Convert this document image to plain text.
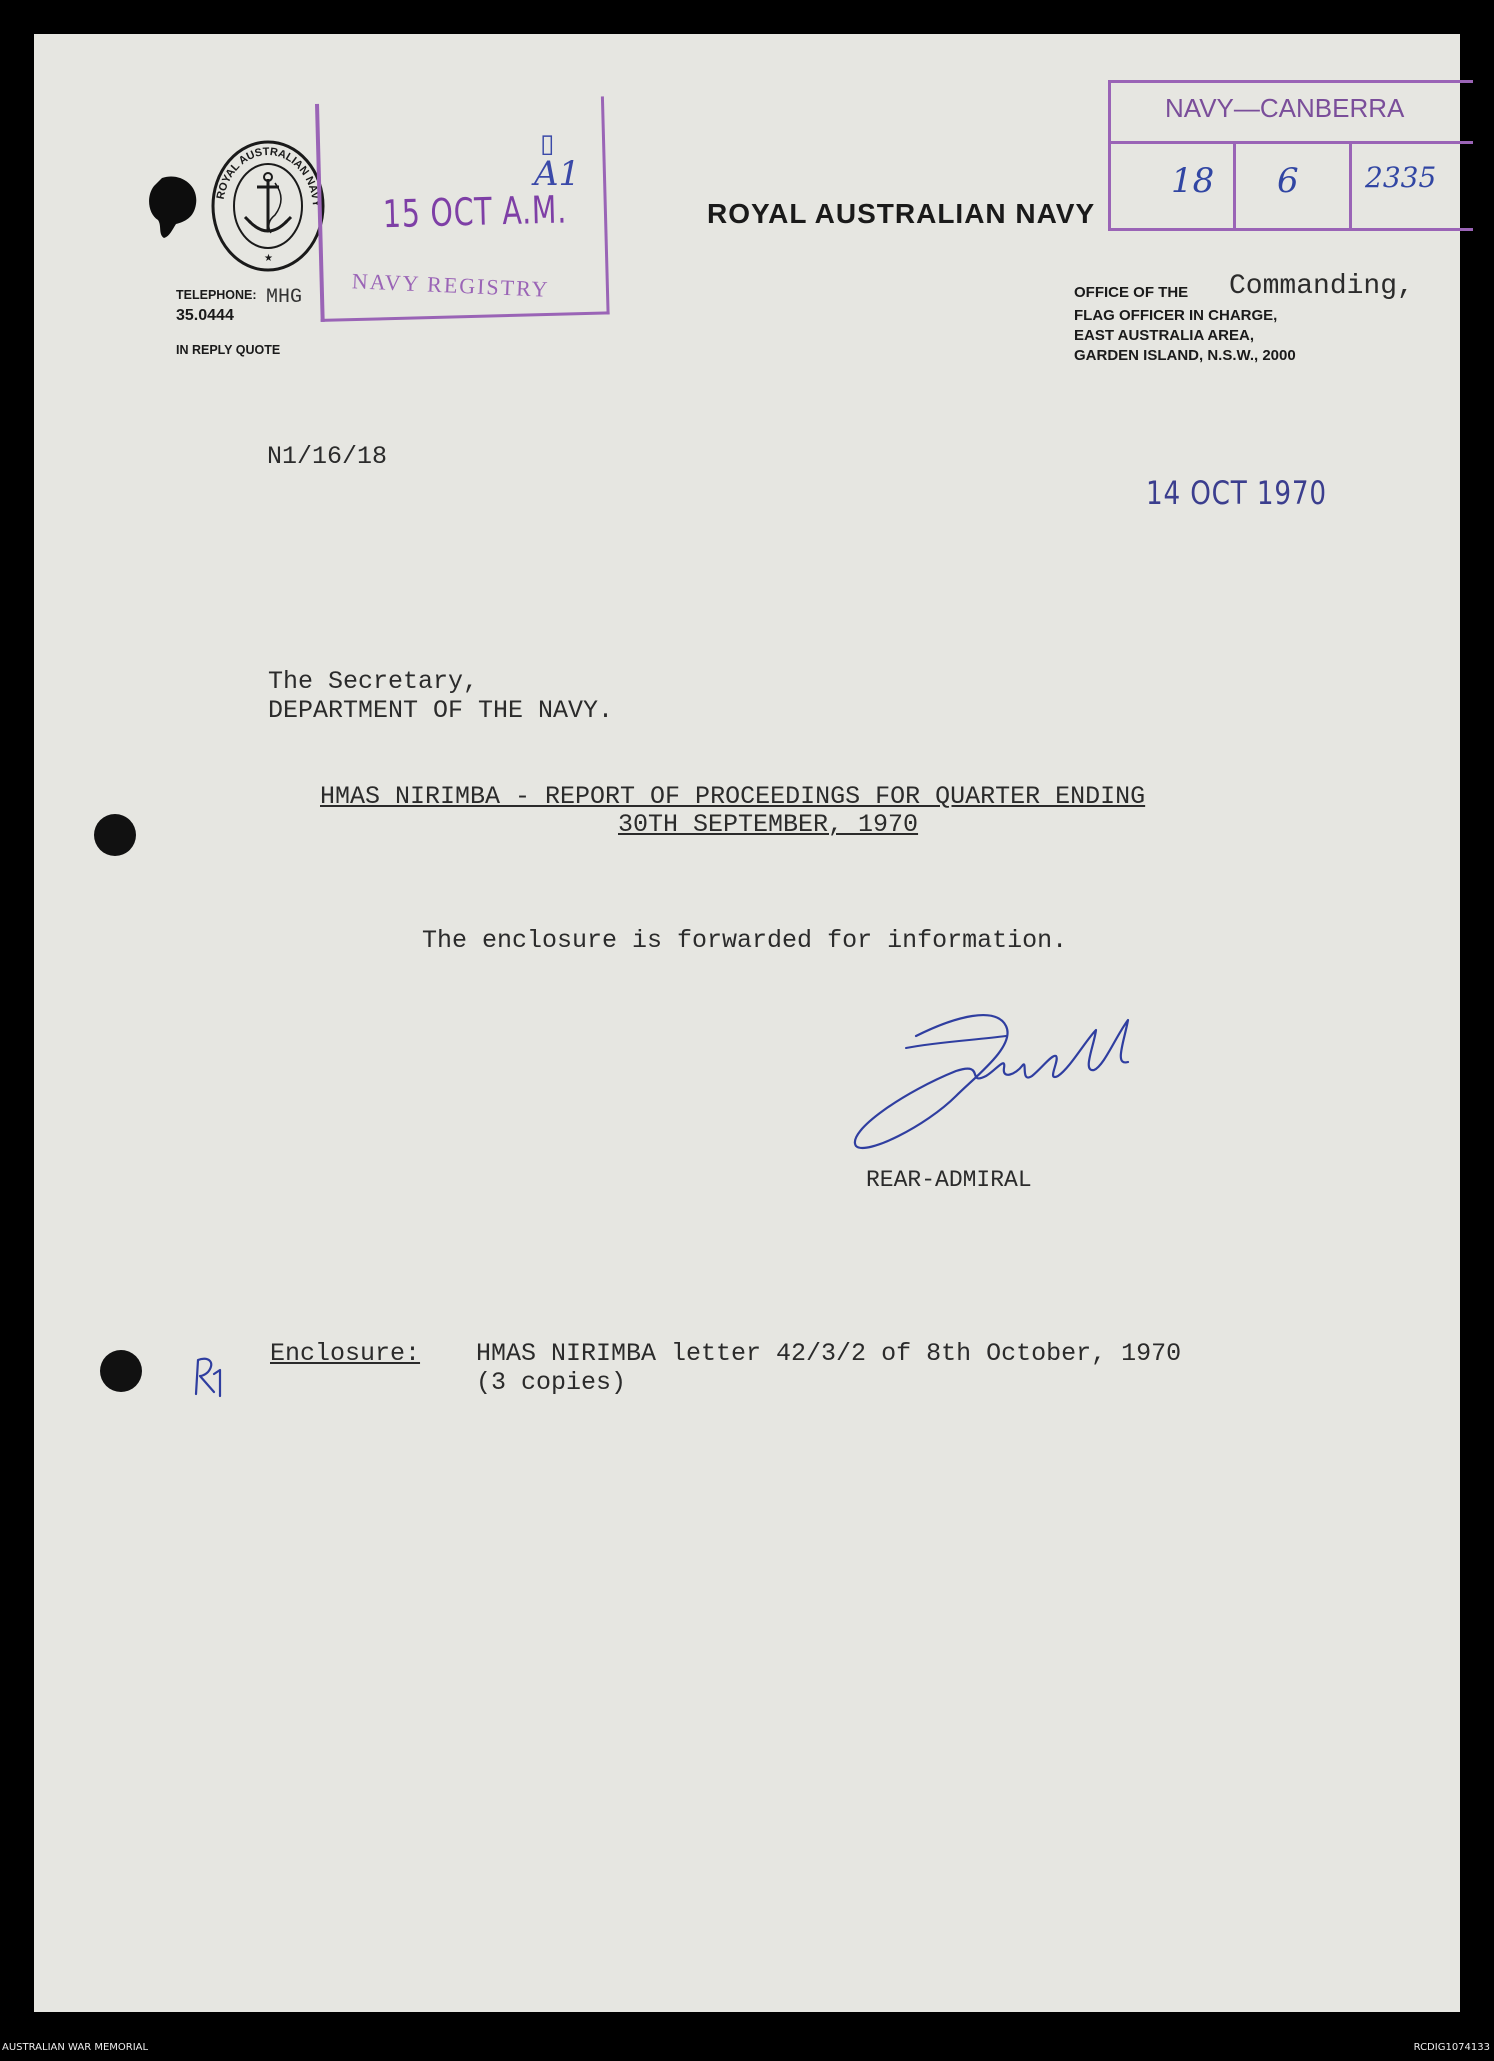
ROYAL AUSTRALIAN NAVY
★
15 OCT A.M.
NAVY REGISTRY
▯
A1
NAVY—CANBERRA
18 6 2335
ROYAL AUSTRALIAN NAVY
TELEPHONE:
35.0444
MHG
IN REPLY QUOTE
OFFICE OF THE Commanding,
FLAG OFFICER IN CHARGE,
EAST AUSTRALIA AREA,
GARDEN ISLAND, N.S.W., 2000
N1/16/18
14 OCT 1970
The Secretary,
DEPARTMENT OF THE NAVY.
HMAS NIRIMBA - REPORT OF PROCEEDINGS FOR QUARTER ENDING
30TH SEPTEMBER, 1970
The enclosure is forwarded for information.
REAR-ADMIRAL
Enclosure: HMAS NIRIMBA letter 42/3/2 of 8th October, 1970
(3 copies)
AUSTRALIAN WAR MEMORIAL	RCDIG1074133
